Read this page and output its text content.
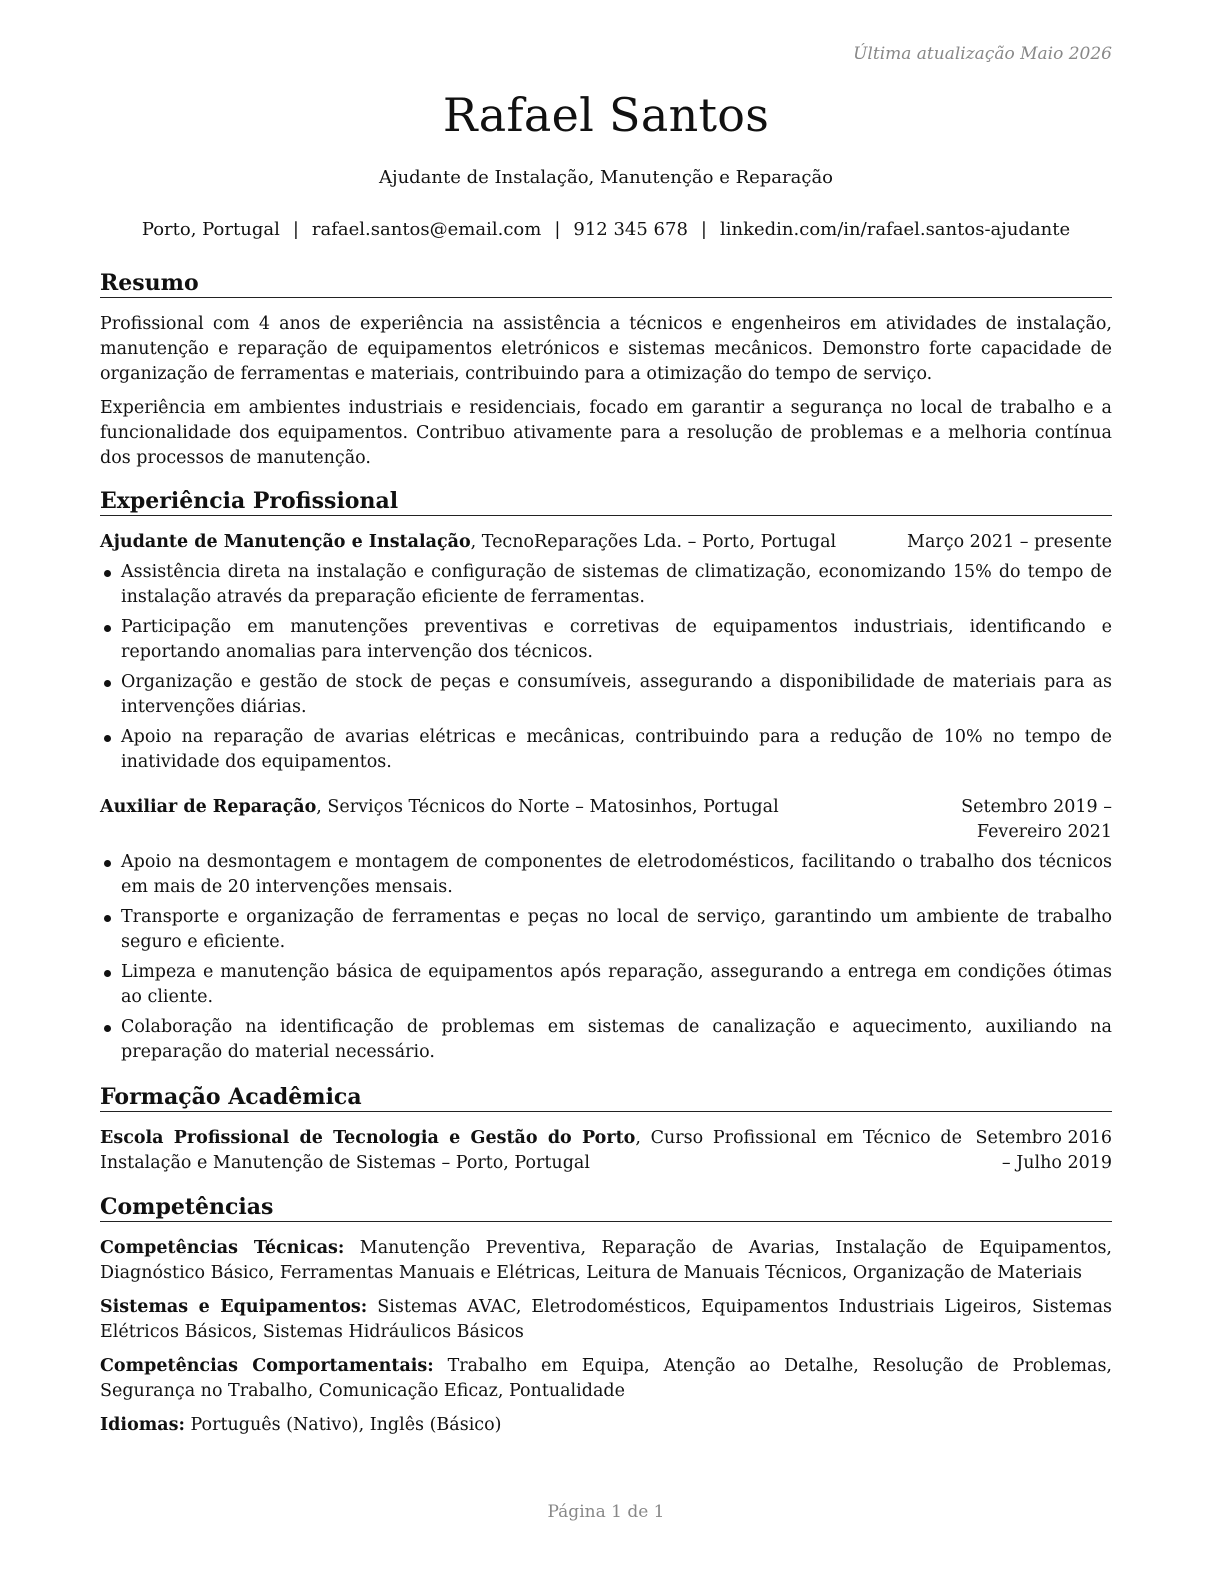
Última atualização Maio 2026
Rafael Santos
Ajudante de Instalação, Manutenção e Reparação
Porto, Portugal | rafael.santos@email.com | 912 345 678 | linkedin.com/in/rafael.santos-ajudante
Resumo
Profissional com 4 anos de experiência na assistência a técnicos e engenheiros em atividades de instalação, manutenção e reparação de equipamentos eletrónicos e sistemas mecânicos. Demonstro forte capacidade de organização de ferramentas e materiais, contribuindo para a otimização do tempo de serviço.
Experiência em ambientes industriais e residenciais, focado em garantir a segurança no local de trabalho e a funcionalidade dos equipamentos. Contribuo ativamente para a resolução de problemas e a melhoria contínua dos processos de manutenção.
Experiência Profissional
Ajudante de Manutenção e Instalação, TecnoReparações Lda. – Porto, Portugal	Março 2021 – presente
Assistência direta na instalação e configuração de sistemas de climatização, economizando 15% do tempo de instalação através da preparação eficiente de ferramentas.
Participação em manutenções preventivas e corretivas de equipamentos industriais, identificando e reportando anomalias para intervenção dos técnicos.
Organização e gestão de stock de peças e consumíveis, assegurando a disponibilidade de materiais para as intervenções diárias.
Apoio na reparação de avarias elétricas e mecânicas, contribuindo para a redução de 10% no tempo de inatividade dos equipamentos.
Auxiliar de Reparação, Serviços Técnicos do Norte – Matosinhos, Portugal	Setembro 2019 – Fevereiro 2021
Apoio na desmontagem e montagem de componentes de eletrodomésticos, facilitando o trabalho dos técnicos em mais de 20 intervenções mensais.
Transporte e organização de ferramentas e peças no local de serviço, garantindo um ambiente de trabalho seguro e eficiente.
Limpeza e manutenção básica de equipamentos após reparação, assegurando a entrega em condições ótimas ao cliente.
Colaboração na identificação de problemas em sistemas de canalização e aquecimento, auxiliando na preparação do material necessário.
Formação Acadêmica
Escola Profissional de Tecnologia e Gestão do Porto, Curso Profissional em Técnico de Instalação e Manutenção de Sistemas – Porto, Portugal
Setembro 2016 – Julho 2019
Competências
Competências Técnicas: Manutenção Preventiva, Reparação de Avarias, Instalação de Equipamentos, Diagnóstico Básico, Ferramentas Manuais e Elétricas, Leitura de Manuais Técnicos, Organização de Materiais
Sistemas e Equipamentos: Sistemas AVAC, Eletrodomésticos, Equipamentos Industriais Ligeiros, Sistemas Elétricos Básicos, Sistemas Hidráulicos Básicos
Competências Comportamentais: Trabalho em Equipa, Atenção ao Detalhe, Resolução de Problemas, Segurança no Trabalho, Comunicação Eficaz, Pontualidade
Idiomas: Português (Nativo), Inglês (Básico)
Página 1 de 1
